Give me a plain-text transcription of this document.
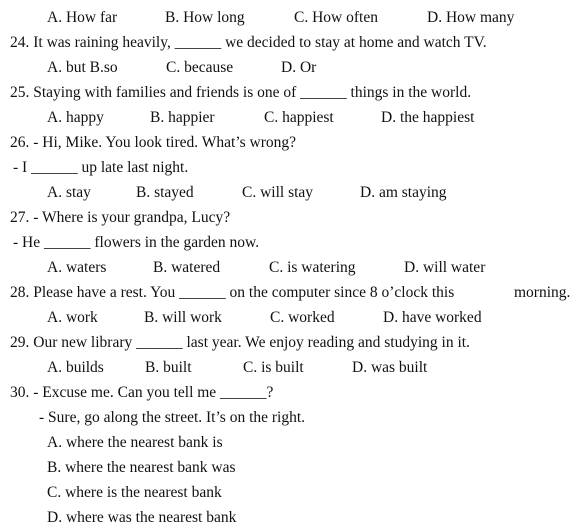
A. How far	B. How long	C. How often	D. How many
24. It was raining heavily, ______ we decided to stay at home and watch TV.
A. but B.so	C. because	D. Or
25. Staying with families and friends is one of ______ things in the world.
A. happy	B. happier	C. happiest	D. the happiest
26. - Hi, Mike. You look tired. What’s wrong?
- I ______ up late last night.
A. stay	B. stayed	C. will stay	D. am staying
27. - Where is your grandpa, Lucy?
- He ______ flowers in the garden now.
A. waters	B. watered	C. is watering	D. will water
28. Please have a rest. You ______ on the computer since 8 o’clock this	morning.
A. work	B. will work	C. worked	D. have worked
29. Our new library ______ last year. We enjoy reading and studying in it.
A. builds	B. built	C. is built	D. was built
30. - Excuse me. Can you tell me ______?
- Sure, go along the street. It’s on the right.
A. where the nearest bank is
B. where the nearest bank was
C. where is the nearest bank
D. where was the nearest bank
